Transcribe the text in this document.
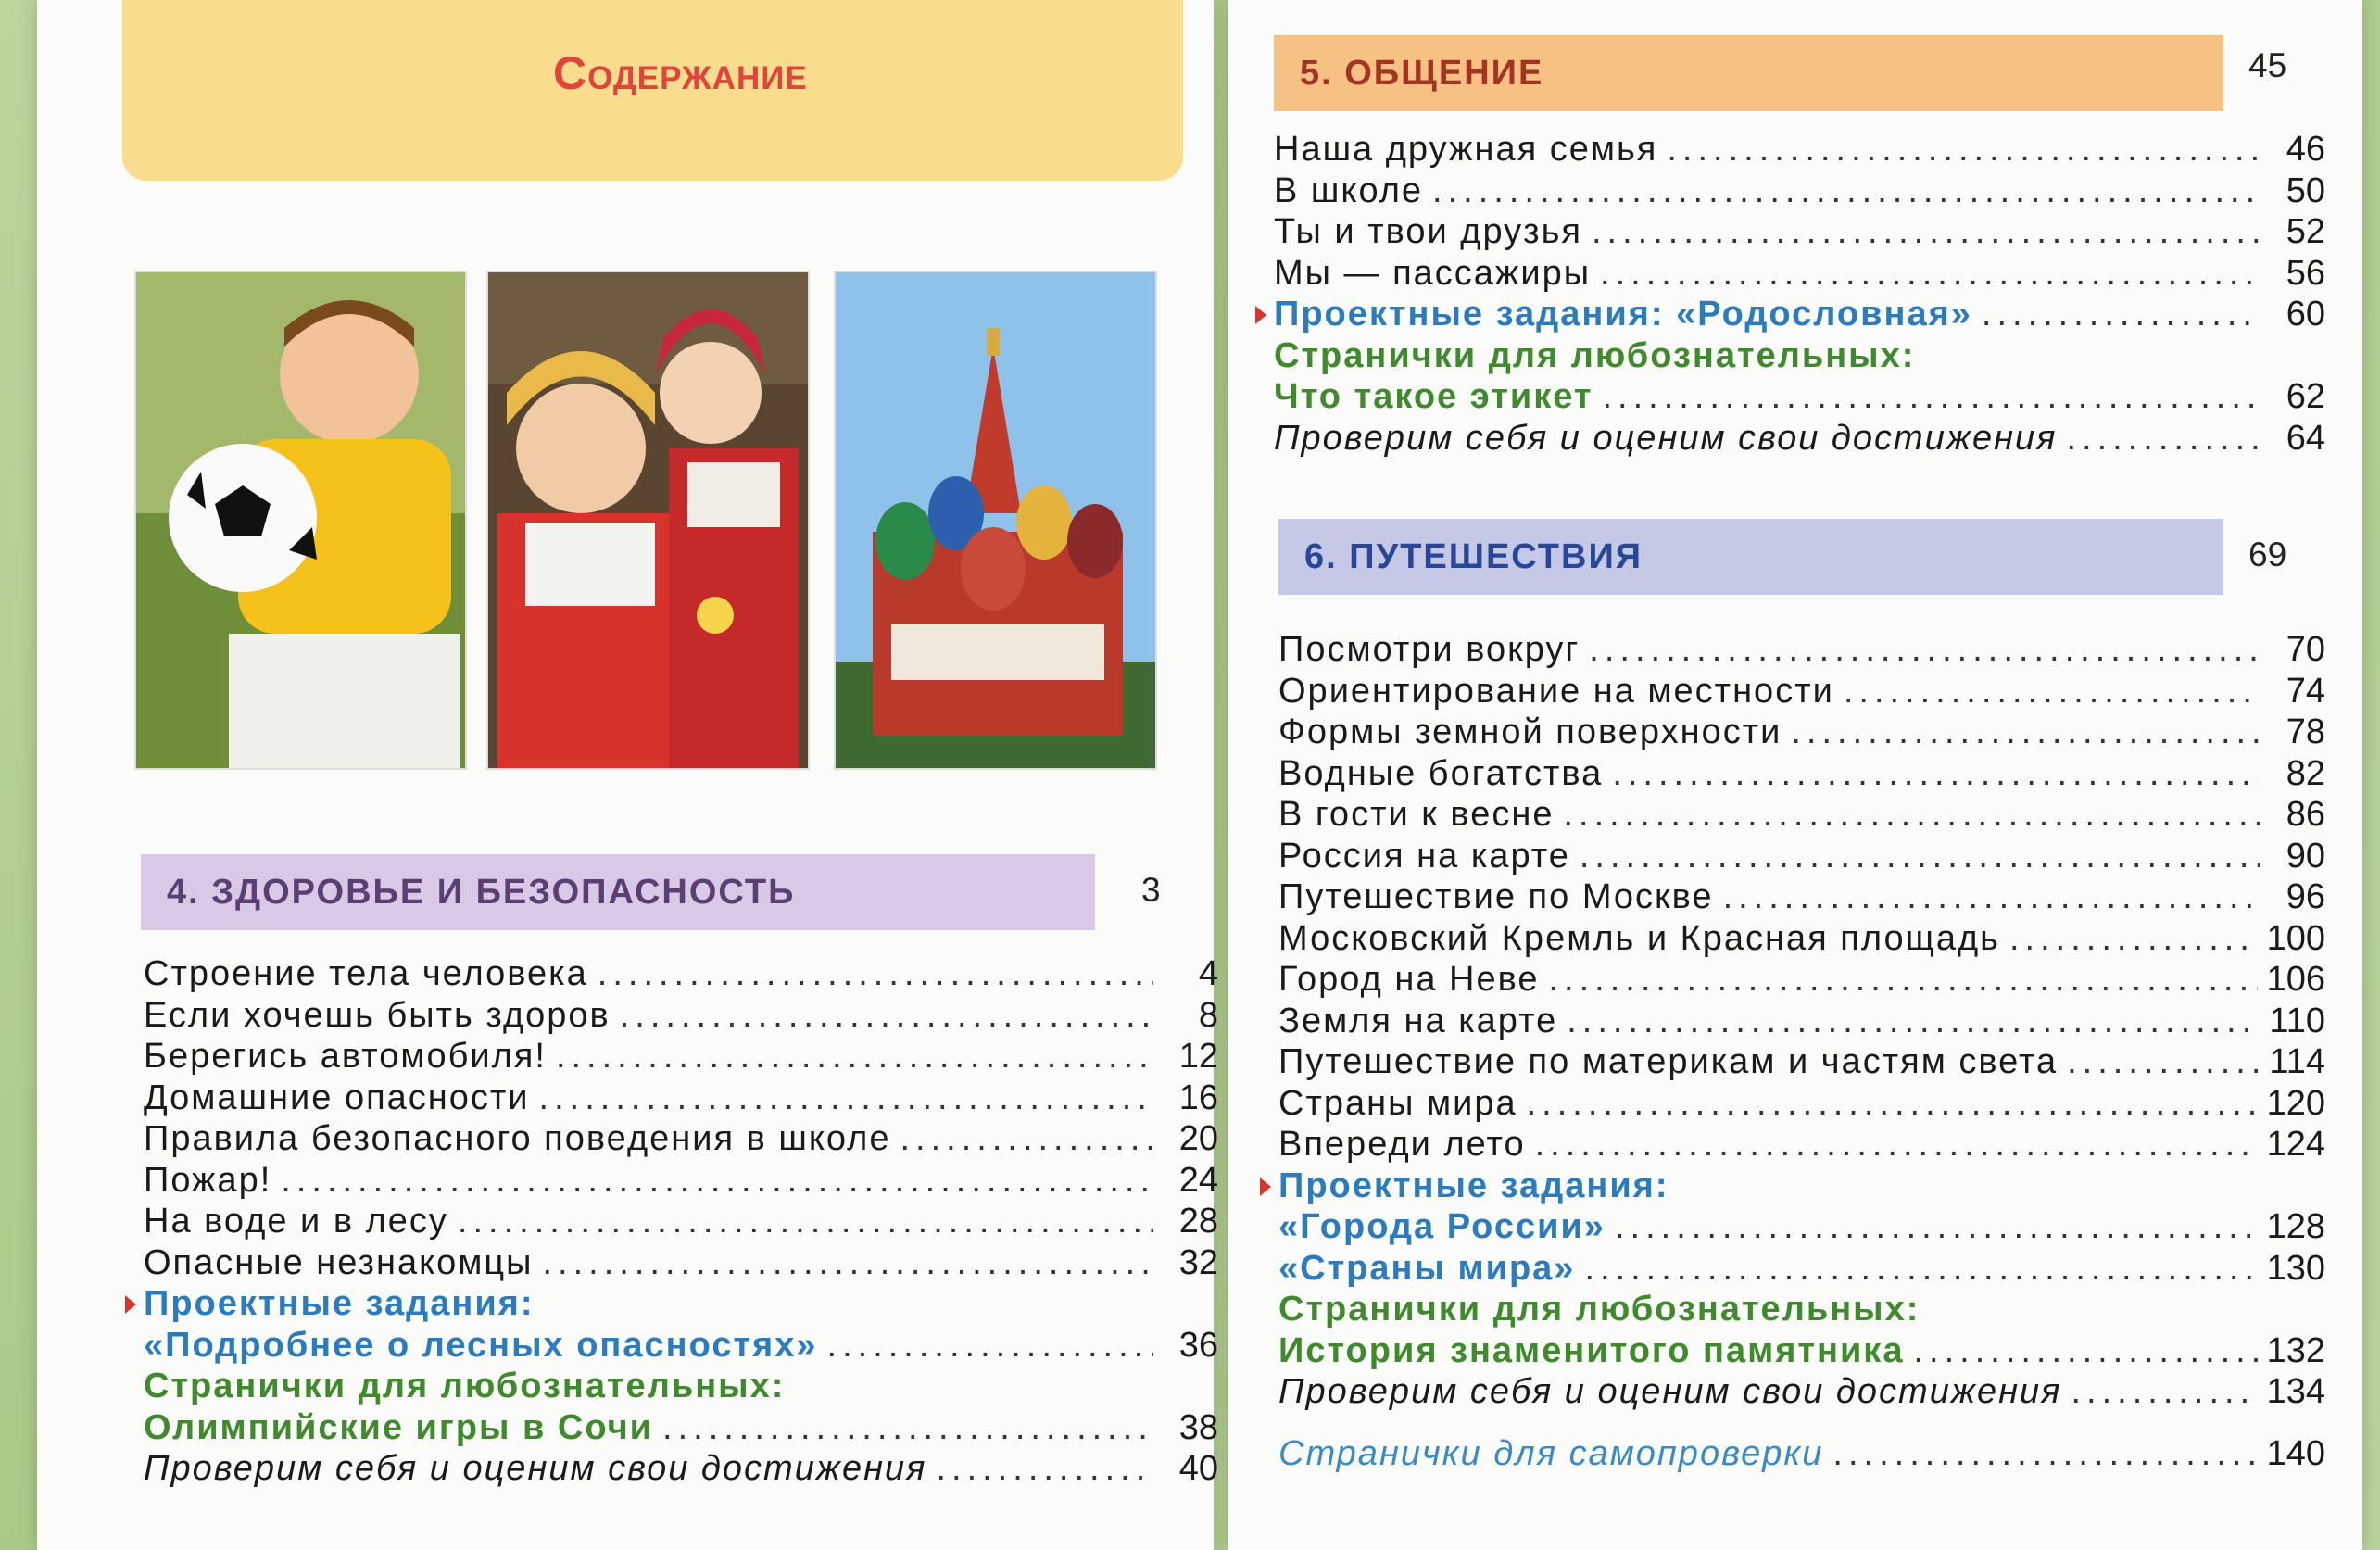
Содержание
4. ЗДОРОВЬЕ И БЕЗОПАСНОСТЬ	3
Строение тела человека .....	4
Если хочешь быть здоров .....	8
Берегись автомобиля! .....	12
Домашние опасности .....	16
Правила безопасного поведения в школе .....	20
Пожар! .....	24
На воде и в лесу .....	28
Опасные незнакомцы .....	32
Проектные задания:
«Подробнее о лесных опасностях» .....	36
Странички для любознательных:
Олимпийские игры в Сочи .....	38
Проверим себя и оценим свои достижения .....	40
5. ОБЩЕНИЕ	45
Наша дружная семья .....	46
В школе .....	50
Ты и твои друзья .....	52
Мы — пассажиры .....	56
Проектные задания: «Родословная» .....	60
Странички для любознательных:
Что такое этикет .....	62
Проверим себя и оценим свои достижения .....	64
6. ПУТЕШЕСТВИЯ	69
Посмотри вокруг .....	70
Ориентирование на местности .....	74
Формы земной поверхности .....	78
Водные богатства .....	82
В гости к весне .....	86
Россия на карте .....	90
Путешествие по Москве .....	96
Московский Кремль и Красная площадь .....	100
Город на Неве .....	106
Земля на карте .....	110
Путешествие по материкам и частям света .....	114
Страны мира .....	120
Впереди лето .....	124
Проектные задания:
«Города России» .....	128
«Страны мира» .....	130
Странички для любознательных:
История знаменитого памятника .....	132
Проверим себя и оценим свои достижения .....	134
Странички для самопроверки .....	140
